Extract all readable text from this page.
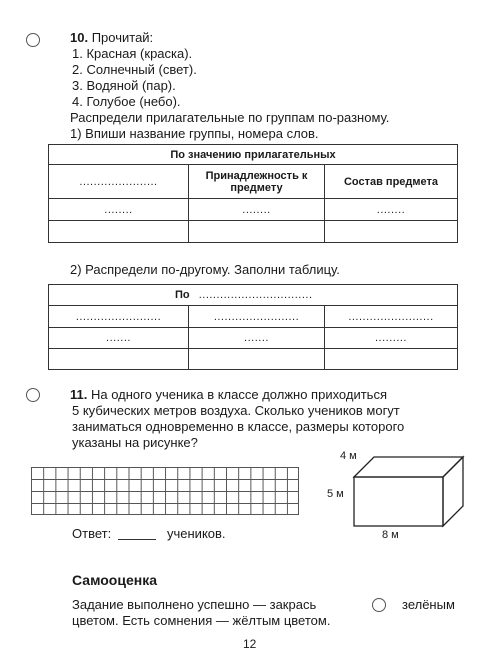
10. Прочитай:
1. Красная (краска).
2. Солнечный (свет).
3. Водяной (пар).
4. Голубое (небо).
Распредели прилагательные по группам по-разному.
1) Впиши название группы, номера слов.
По значению прилагательных		
......................	Принадлежность к предмету	Состав предмета
........	........	........

2) Распредели по-другому. Заполни таблицу.
По ................................		
........................	........................	........................
.......	.......	.........

11. На одного ученика в классе должно приходиться
5 кубических метров воздуха. Сколько учеников могут
заниматься одновременно в классе, размеры которого
указаны на рисунке?
4 м
5 м
8 м
Ответ:	учеников.
Самооценка
Задание выполнено успешно — закрась	зелёным
цветом. Есть сомнения — жёлтым цветом.
12
